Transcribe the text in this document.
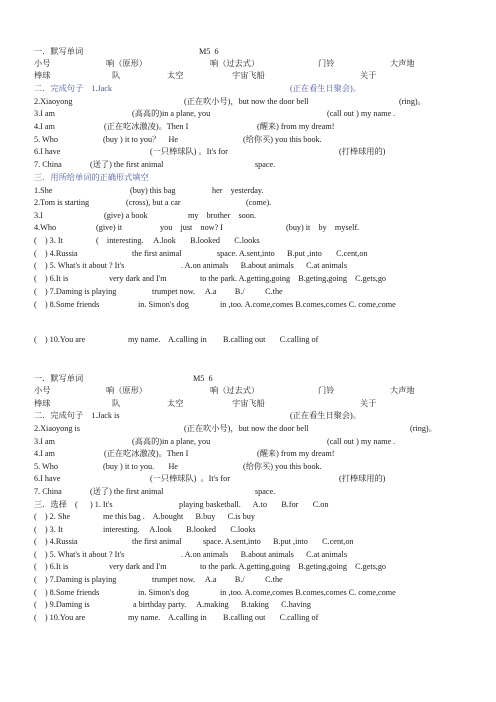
一．默写单词	M5  6
小号	响（原形）	响（过去式）	门铃	大声地
棒球	队	太空	宇宙飞船	关于
二．完成句子    1.Jack	(正在看生日聚会)。
2.Xiaoyong	(正在吹小号)，but now the door bell	(ring)。
3.I am	(高高的)in a plane, you	(call out ) my name .
4.I am	(正在吃冰激凌)。Then I	(醒来) from my dream!
5. Who	(buy ) it to you？    He	(给你买) you this book.
6.I have	(一只棒球队) 。It's for	(打棒球用的)
7. China	(送了) the first animal	space.
三．用所给单词的正确形式填空
1.She	(buy) this bag	her    yesterday.
2.Tom is starting	(cross), but a car	(come).
3.I	(give) a book	my    brother    soon.
4.Who	(give) it	you    just    now? I	(buy) it    by    myself.
(    ) 3. It	(    interesting.     A.look       B.looked       C.looks
(    ) 4.Russia	the first animal	space. A.sent,into      B.put ,into       C.cent,on
(    ) 5. What's it about ? It's	. A.on animals      B.about animals      C.at animals
(    ) 6.It is	very dark and I'm	to the park. A.getting,going    B.geting,going    C.gets,go
(    ) 7.Daming is playing	trumpet now.     A.a         B./          C.the
(    ) 8.Some friends	in. Simon's dog	in ,too. A.come,comes B.comes,comes C. come,come
(    ) 10.You are	my name.    A.calling in        B.calling out       C.calling of
一．默写单词	M5  6
小号	响（原形）	响（过去式）	门铃	大声地
棒球	队	太空	宇宙飞船	关于
二．完成句子    1.Jack is	(正在看生日聚会)。
2.Xiaoyong is	(正在吹小号)，but now the door bell	(ring)。
3.I am	(高高的)in a plane, you	(call out ) my name .
4.I am	(正在吃冰激凌)。Then I	(醒来) from my dream!
5. Who	(buy ) it to you.       He	(给你买) you this book.
6.I have	(一只棒球队)  。It's for	(打棒球用的)
7. China	(送了) the first animal	space.
三．选择    (      ) 1. It's	playing basketball.      A.to       B.for       C.on
(    ) 2. She	me this bag .    A.bought      B.buy      C.is buy
(    ) 3. It	interesting.     A.look       B.looked       C.looks
(    ) 4.Russia	the first animal	space. A.sent,into      B.put ,into       C.cent,on
(    ) 5. What's it about ? It's	. A.on animals      B.about animals      C.at animals
(    ) 6.It is	very dark and I'm	to the park. A.getting,going    B.geting,going    C.gets,go
(    ) 7.Daming is playing	trumpet now.     A.a         B./          C.the
(    ) 8.Some friends	in. Simon's dog	in ,too. A.come,comes B.comes,comes C. come,come
(    ) 9.Daming is	a birthday party.     A.making      B.taking      C.having
(    ) 10.You are	my name.    A.calling in        B.calling out       C.calling of
